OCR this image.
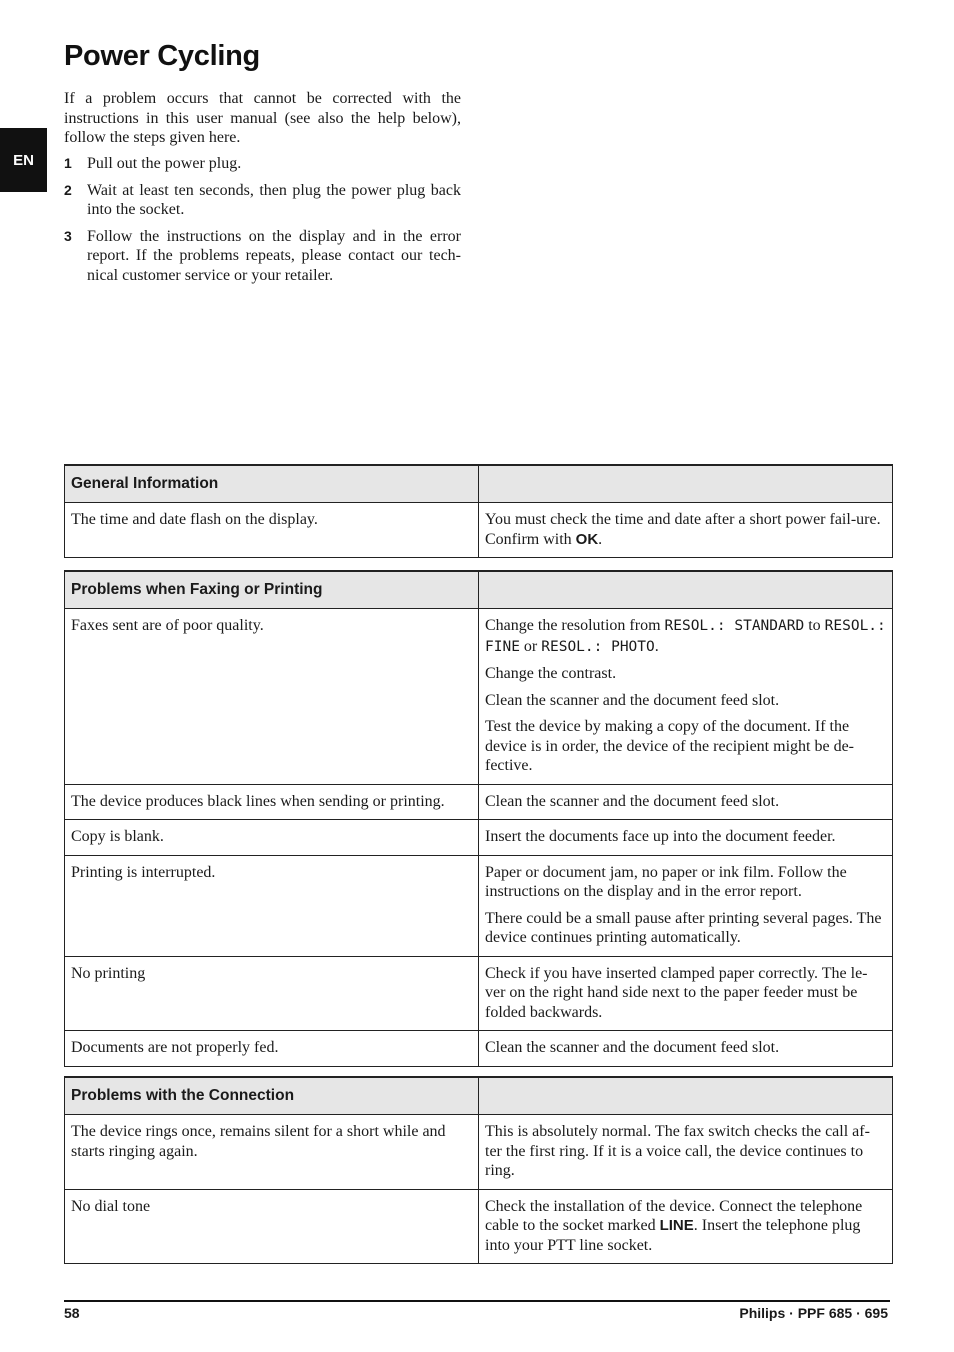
EN
Power Cycling

If a problem occurs that cannot be corrected with the instructions in this user manual (see also the help below), follow the steps given here.

1 Pull out the power plug.
2 Wait at least ten seconds, then plug the power plug back into the socket.
3 Follow the instructions on the display and in the error report. If the problems repeats, please contact our tech-nical customer service or your retailer.
General Information	
The time and date flash on the display.	You must check the time and date after a short power fail-ure. Confirm with OK.
Problems when Faxing or Printing	
Faxes sent are of poor quality.	Change the resolution from RESOL.: STANDARD to RESOL.: FINE or RESOL.: PHOTO.

Change the contrast.

Clean the scanner and the document feed slot.

Test the device by making a copy of the document. If the device is in order, the device of the recipient might be de-fective.

The device produces black lines when sending or printing.	Clean the scanner and the document feed slot.
Copy is blank.	Insert the documents face up into the document feeder.
Printing is interrupted.	Paper or document jam, no paper or ink film. Follow the instructions on the display and in the error report.

There could be a small pause after printing several pages. The device continues printing automatically.

No printing	Check if you have inserted clamped paper correctly. The le-ver on the right hand side next to the paper feeder must be folded backwards.
Documents are not properly fed.	Clean the scanner and the document feed slot.
Problems with the Connection	
The device rings once, remains silent for a short while and starts ringing again.	This is absolutely normal. The fax switch checks the call af-ter the first ring. If it is a voice call, the device continues to ring.
No dial tone	Check the installation of the device. Connect the telephone cable to the socket marked LINE. Insert the telephone plug into your PTT line socket.
58	Philips · PPF 685 · 695
